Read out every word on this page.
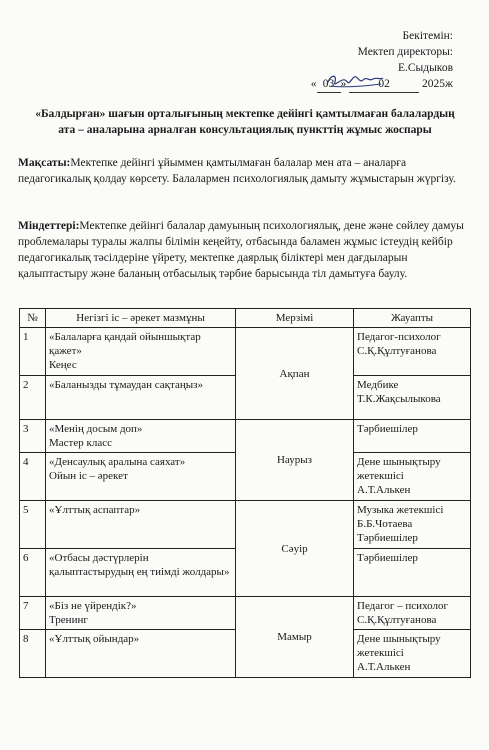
Бекітемін:
Мектеп директоры:
Е.Сыдыков
« 03 »	02	2025ж
«Балдырған» шағын орталығының мектепке дейінгі қамтылмаған балалардың
ата – аналарына арналған консультациялық пункттің жұмыс жоспары
Мақсаты:Мектепке дейінгі ұйыммен қамтылмаған балалар мен ата – аналарға педагогикалық қолдау көрсету. Балалармен психологиялық дамыту жұмыстарын жүргізу.
Міндеттері:Мектепке дейінгі балалар дамуының психологиялық, дене және сөйлеу дамуы проблемалары туралы жалпы білімін кеңейту, отбасында баламен жұмыс істеудің кейбір педагогикалық тәсілдеріне үйрету, мектепке даярлық біліктері мен дағдыларын қалыптастыру және баланың отбасылық тәрбие барысында тіл дамытуға баулу.
№	Негізгі іс – әрекет мазмұны	Мерзімі	Жауапты
1	«Балаларға қандай ойыншықтар қажет»
Кеңес	Ақпан	Педагог-психолог
С.Қ.Құлтуғанова
2	«Баланызды тұмаудан сақтаңыз»		Медбике
Т.К.Жақсылыкова
3	«Менің досым доп»
Мастер класс	Наурыз	Тәрбиешілер
4	«Денсаулық аралына саяхат»
Ойын іс – әрекет		Дене шынықтыру
жетекшісі
А.Т.Алькен
5	«Ұлттық аспаптар»	Сәуір	Музыка жетекшісі
Б.Б.Чотаева
Тәрбиешілер
6	«Отбасы дәстүрлерін қалыптастырудың ең тиімді жолдары»		Тәрбиешілер
7	«Біз не үйрендік?»
Тренинг	Мамыр	Педагог – психолог
С.Қ.Құлтуғанова
8	«Ұлттық ойындар»		Дене шынықтыру
жетекшісі
А.Т.Алькен
